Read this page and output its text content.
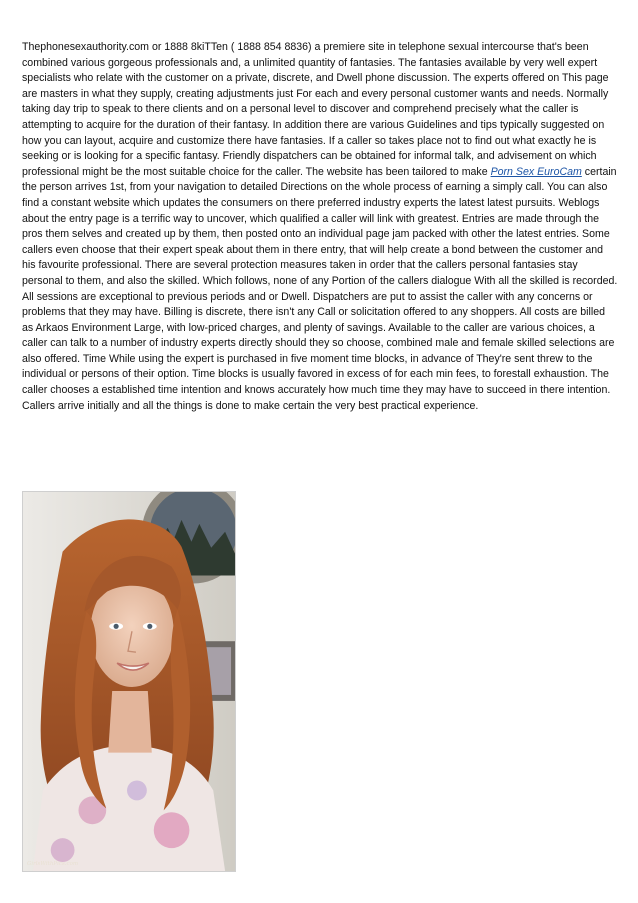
Thephonesexauthority.com or 1888 8kiTTen ( 1888 854 8836) a premiere site in telephone sexual intercourse that's been combined various gorgeous professionals and, a unlimited quantity of fantasies. The fantasies available by very well expert specialists who relate with the customer on a private, discrete, and Dwell phone discussion. The experts offered on This page are masters in what they supply, creating adjustments just For each and every personal customer wants and needs. Normally taking day trip to speak to there clients and on a personal level to discover and comprehend precisely what the caller is attempting to acquire for the duration of their fantasy. In addition there are various Guidelines and tips typically suggested on how you can layout, acquire and customize there have fantasies. If a caller so takes place not to find out what exactly he is seeking or is looking for a specific fantasy. Friendly dispatchers can be obtained for informal talk, and advisement on which professional might be the most suitable choice for the caller. The website has been tailored to make Porn Sex EuroCam certain the person arrives 1st, from your navigation to detailed Directions on the whole process of earning a simply call. You can also find a constant website which updates the consumers on there preferred industry experts the latest latest pursuits. Weblogs about the entry page is a terrific way to uncover, which qualified a caller will link with greatest. Entries are made through the pros them selves and created up by them, then posted onto an individual page jam packed with other the latest entries. Some callers even choose that their expert speak about them in there entry, that will help create a bond between the customer and his favourite professional. There are several protection measures taken in order that the callers personal fantasies stay personal to them, and also the skilled. Which follows, none of any Portion of the callers dialogue With all the skilled is recorded. All sessions are exceptional to previous periods and or Dwell. Dispatchers are put to assist the caller with any concerns or problems that they may have. Billing is discrete, there isn't any Call or solicitation offered to any shoppers. All costs are billed as Arkaos Environment Large, with low-priced charges, and plenty of savings. Available to the caller are various choices, a caller can talk to a number of industry experts directly should they so choose, combined male and female skilled selections are also offered. Time While using the expert is purchased in five moment time blocks, in advance of They're sent threw to the individual or persons of their option. Time blocks is usually favored in excess of for each min fees, to forestall exhaustion. The caller chooses a established time intention and knows accurately how much time they may have to succeed in there intention. Callers arrive initially and all the things is done to make certain the very best practical experience.

GirlsWithPics.com
